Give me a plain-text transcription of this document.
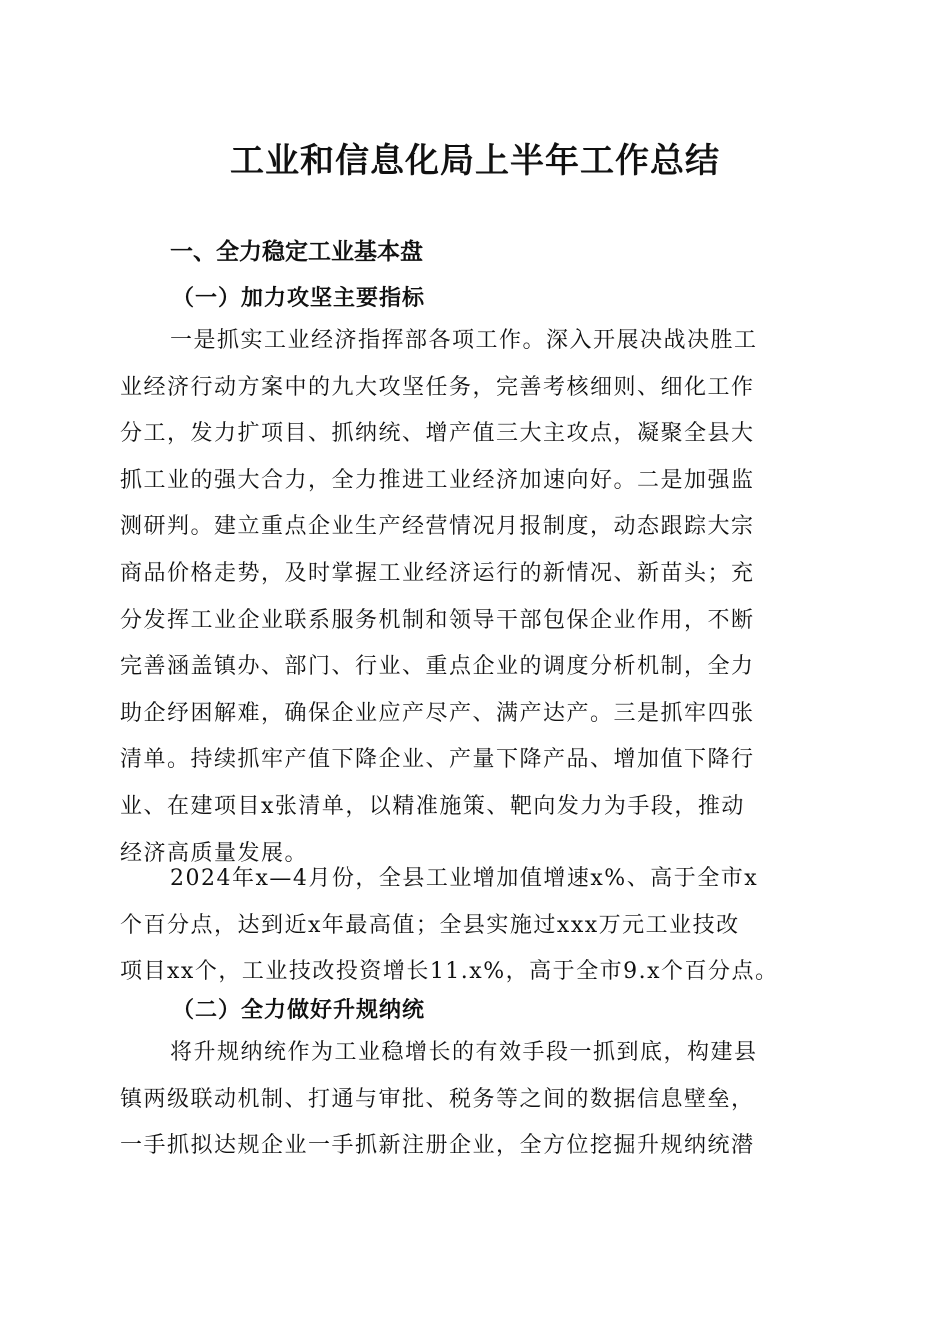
工业和信息化局上半年工作总结
一、全力稳定工业基本盘
（一）加力攻坚主要指标
一是抓实工业经济指挥部各项工作。深入开展决战决胜工
业经济行动方案中的九大攻坚任务，完善考核细则、细化工作
分工，发力扩项目、抓纳统、增产值三大主攻点，凝聚全县大
抓工业的强大合力，全力推进工业经济加速向好。二是加强监
测研判。建立重点企业生产经营情况月报制度，动态跟踪大宗
商品价格走势，及时掌握工业经济运行的新情况、新苗头；充
分发挥工业企业联系服务机制和领导干部包保企业作用，不断
完善涵盖镇办、部门、行业、重点企业的调度分析机制，全力
助企纾困解难，确保企业应产尽产、满产达产。三是抓牢四张
清单。持续抓牢产值下降企业、产量下降产品、增加值下降行
业、在建项目x张清单，以精准施策、靶向发力为手段，推动
经济高质量发展。
2024年x—4月份，全县工业增加值增速x%、高于全市x
个百分点，达到近x年最高值；全县实施过xxx万元工业技改
项目xx个，工业技改投资增长11.x%，高于全市9.x个百分点。
（二）全力做好升规纳统
将升规纳统作为工业稳增长的有效手段一抓到底，构建县
镇两级联动机制、打通与审批、税务等之间的数据信息壁垒，
一手抓拟达规企业一手抓新注册企业，全方位挖掘升规纳统潜
